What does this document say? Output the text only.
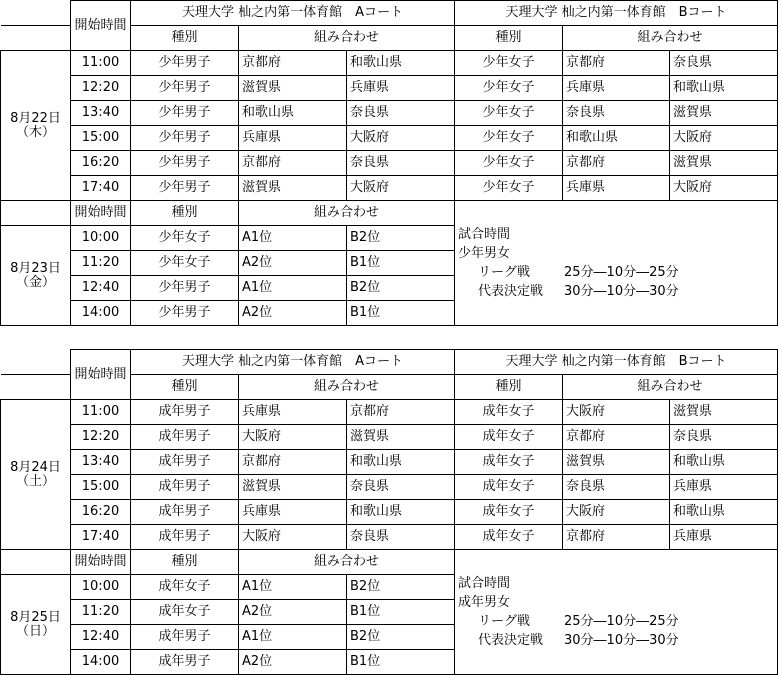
	開始時間	天理大学 杣之内第一体育館　Aコート			天理大学 杣之内第一体育館　Bコート		
		種別	組み合わせ		種別	組み合わせ	
8月22日
（木）	11:00	少年男子	京都府	和歌山県	少年女子	京都府	奈良県
	12:20	少年男子	滋賀県	兵庫県	少年女子	兵庫県	和歌山県
	13:40	少年男子	和歌山県	奈良県	少年女子	奈良県	滋賀県
	15:00	少年男子	兵庫県	大阪府	少年女子	和歌山県	大阪府
	16:20	少年男子	京都府	奈良県	少年女子	京都府	滋賀県
	17:40	少年男子	滋賀県	大阪府	少年女子	兵庫県	大阪府
	開始時間	種別	組み合わせ		試合時間
少年男女
リーグ戦 25分―10分―25分
代表決定戦 30分―10分―30分		

8月23日
（金）	10:00	少年女子	A1位	B2位			
	11:20	少年女子	A2位	B1位			
	12:40	少年男子	A1位	B2位			
	14:00	少年男子	A2位	B1位			
	開始時間	天理大学 杣之内第一体育館　Aコート			天理大学 杣之内第一体育館　Bコート		
		種別	組み合わせ		種別	組み合わせ	
8月24日
（土）	11:00	成年男子	兵庫県	京都府	成年女子	大阪府	滋賀県
	12:20	成年男子	大阪府	滋賀県	成年女子	京都府	奈良県
	13:40	成年男子	京都府	和歌山県	成年女子	滋賀県	和歌山県
	15:00	成年男子	滋賀県	奈良県	成年女子	奈良県	兵庫県
	16:20	成年男子	兵庫県	和歌山県	成年女子	大阪府	和歌山県
	17:40	成年男子	大阪府	奈良県	成年女子	京都府	兵庫県
	開始時間	種別	組み合わせ		試合時間
成年男女
リーグ戦 25分―10分―25分
代表決定戦 30分―10分―30分		

8月25日
（日）	10:00	成年女子	A1位	B2位			
	11:20	成年女子	A2位	B1位			
	12:40	成年男子	A1位	B2位			
	14:00	成年男子	A2位	B1位			
